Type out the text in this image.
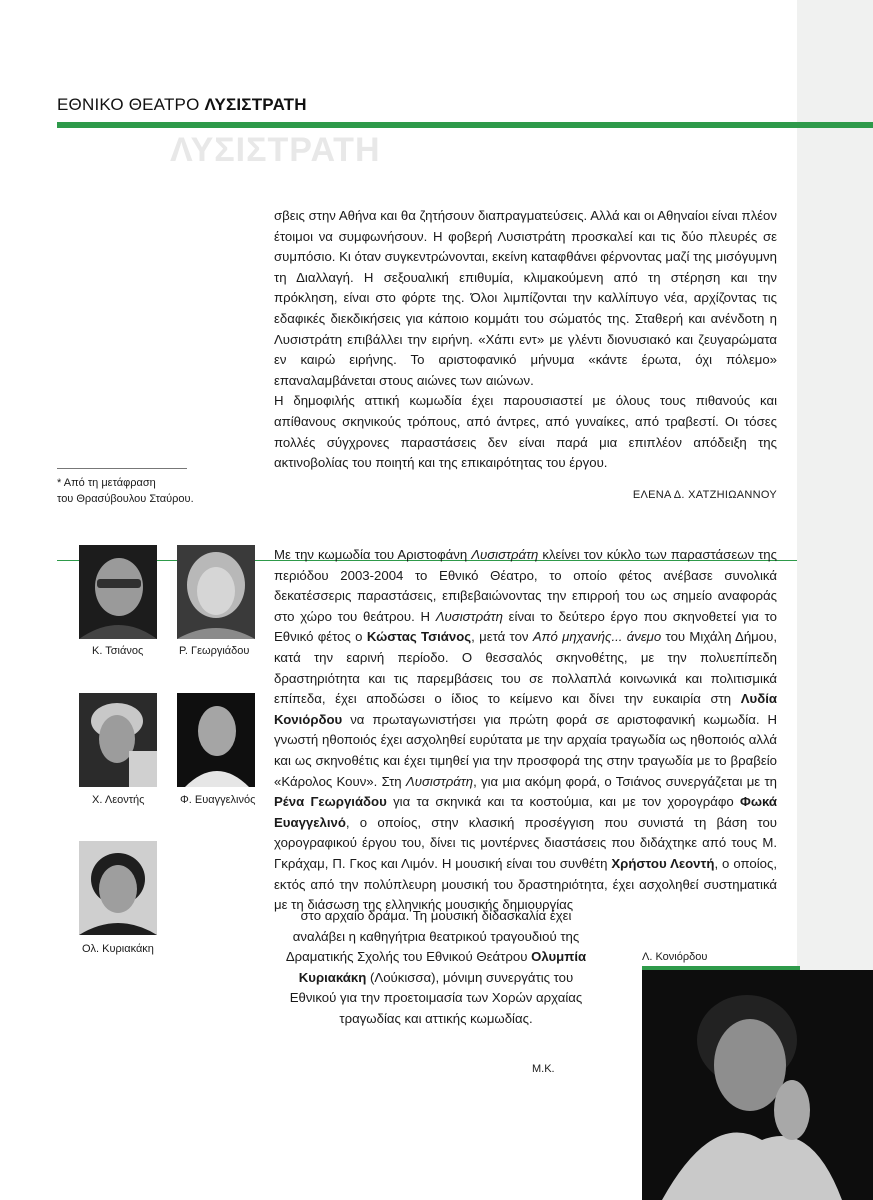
ΕΘΝΙΚΟ ΘΕΑΤΡΟ ΛΥΣΙΣΤΡΑΤΗ
ΛΥΣΙΣΤΡΑΤΗ

σβεις στην Αθήνα και θα ζητήσουν διαπραγματεύσεις. Αλλά και οι Αθηναίοι είναι πλέον έτοιμοι να συμφωνήσουν. Η φοβερή Λυσιστράτη προσκαλεί και τις δύο πλευρές σε συμπόσιο. Κι όταν συγκεντρώνονται, εκείνη καταφθάνει φέρνοντας μαζί της μισόγυμνη τη Διαλλαγή. Η σεξουαλική επιθυμία, κλιμακούμενη από τη στέρηση και την πρόκληση, είναι στο φόρτε της. Όλοι λιμπίζονται την καλλίπυγο νέα, αρχίζοντας τις εδαφικές διεκδικήσεις για κάποιο κομμάτι του σώματός της. Σταθερή και ανένδοτη η Λυσιστράτη επιβάλλει την ειρήνη. «Χάπι εντ» με γλέντι διονυσιακό και ζευγαρώματα εν καιρώ ειρήνης. Το αριστοφανικό μήνυμα «κάντε έρωτα, όχι πόλεμο» επαναλαμβάνεται στους αιώνες των αιώνων.
Η δημοφιλής αττική κωμωδία έχει παρουσιαστεί με όλους τους πιθανούς και απίθανους σκηνικούς τρόπους, από άντρες, από γυναίκες, από τραβεστί. Οι τόσες πολλές σύγχρονες παραστάσεις δεν είναι παρά μια επιπλέον απόδειξη της ακτινοβολίας του ποιητή και της επικαιρότητας του έργου.

ΕΛΕΝΑ Δ. ΧΑΤΖΗΙΩΑΝΝΟΥ
* Από τη μετάφραση
του Θρασύβουλου Σταύρου.
Κ. Τσιάνος	Ρ. Γεωργιάδου
Χ. Λεοντής	Φ. Ευαγγελινός
Ολ. Κυριακάκη

Με την κωμωδία του Αριστοφάνη Λυσιστράτη κλείνει τον κύκλο των παραστάσεων της περιόδου 2003-2004 το Εθνικό Θέατρο, το οποίο φέτος ανέβασε συνολικά δεκατέσσερις παραστάσεις, επιβεβαιώνοντας την επιρροή του ως σημείο αναφοράς στο χώρο του θεάτρου. Η Λυσιστράτη είναι το δεύτερο έργο που σκηνοθετεί για το Εθνικό φέτος ο Κώστας Τσιάνος, μετά τον Από μηχανής... άνεμο του Μιχάλη Δήμου, κατά την εαρινή περίοδο. Ο θεσσαλός σκηνοθέτης, με την πολυεπίπεδη δραστηριότητα και τις παρεμβάσεις του σε πολλαπλά κοινωνικά και πολιτισμικά επίπεδα, έχει αποδώσει ο ίδιος το κείμενο και δίνει την ευκαιρία στη Λυδία Κονιόρδου να πρωταγωνιστήσει για πρώτη φορά σε αριστοφανική κωμωδία. Η γνωστή ηθοποιός έχει ασχοληθεί ευρύτατα με την αρχαία τραγωδία ως ηθοποιός αλλά και ως σκηνοθέτις και έχει τιμηθεί για την προσφορά της στην τραγωδία με το βραβείο «Κάρολος Κουν». Στη Λυσιστράτη, για μια ακόμη φορά, ο Τσιάνος συνεργάζεται με τη Ρένα Γεωργιάδου για τα σκηνικά και τα κοστούμια, και με τον χορογράφο Φωκά Ευαγγελινό, ο οποίος, στην κλασική προσέγγιση που συνιστά τη βάση του χορογραφικού έργου του, δίνει τις μοντέρνες διαστάσεις που διδάχτηκε από τους Μ. Γκράχαμ, Π. Γκος και Λιμόν. Η μουσική είναι του συνθέτη Χρήστου Λεοντή, ο οποίος, εκτός από την πολύπλευρη μουσική του δραστηριότητα, έχει ασχοληθεί συστηματικά με τη διάσωση της ελληνικής μουσικής δημιουργίας

στο αρχαίο δράμα. Τη μουσική διδασκαλία έχει αναλάβει η καθηγήτρια θεατρικού τραγουδιού της Δραματικής Σχολής του Εθνικού Θεάτρου Ολυμπία Κυριακάκη (Λούκισσα), μόνιμη συνεργάτις του Εθνικού για την προετοιμασία των Χορών αρχαίας τραγωδίας και αττικής κωμωδίας.

Μ.Κ.
Λ. Κονιόρδου
